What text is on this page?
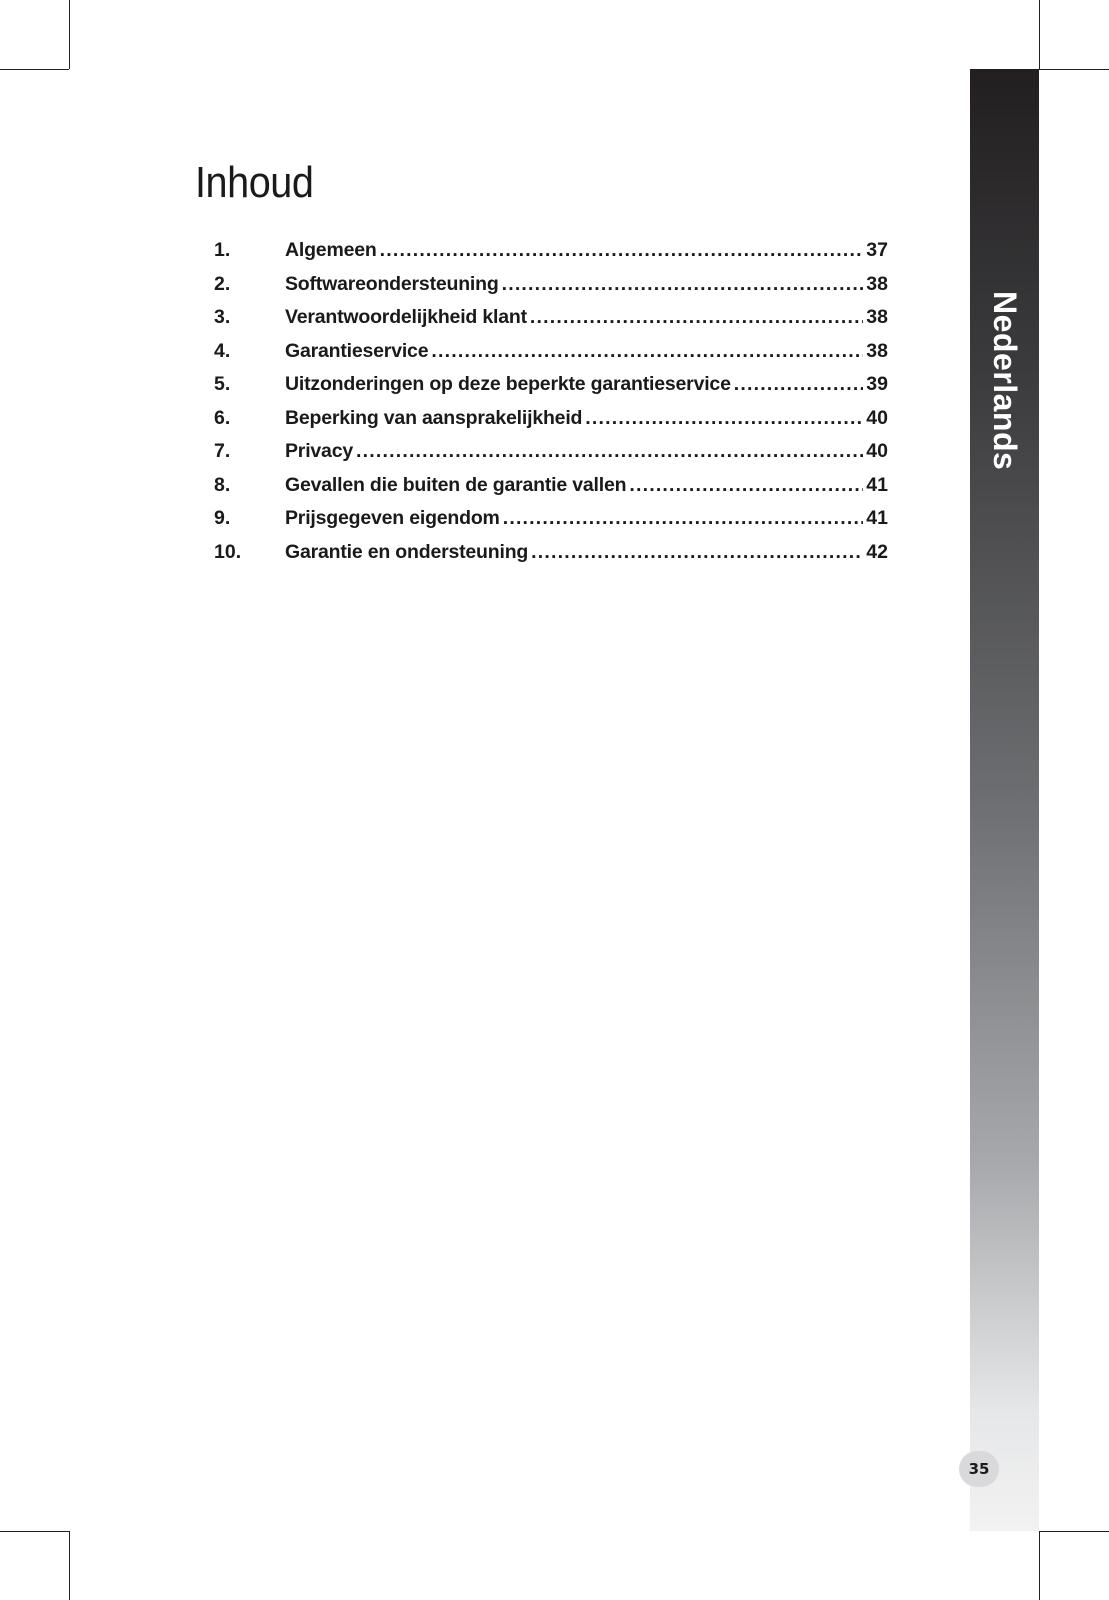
Nederlands
35
Inhoud
1.	Algemeen .....	37
2.	Softwareondersteuning .....	38
3.	Verantwoordelijkheid klant .....	38
4.	Garantieservice .....	38
5.	Uitzonderingen op deze beperkte garantieservice .....	39
6.	Beperking van aansprakelijkheid .....	40
7.	Privacy .....	40
8.	Gevallen die buiten de garantie vallen .....	41
9.	Prijsgegeven eigendom .....	41
10.	Garantie en ondersteuning .....	42
